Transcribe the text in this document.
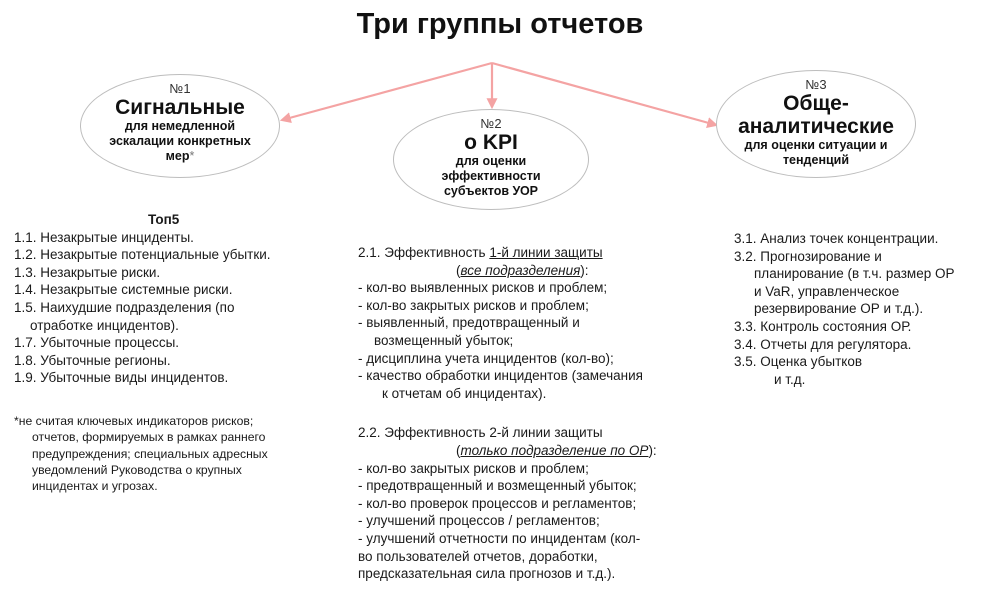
Три группы отчетов
№1
Сигнальные
для немедленной
эскалации конкретных
мер*
№2
о KPI
для оценки
эффективности
субъектов УОР
№3
Обще-
аналитические
для оценки ситуации и
тенденций
Топ5
1.1. Незакрытые инциденты.
1.2. Незакрытые потенциальные убытки.
1.3. Незакрытые риски.
1.4. Незакрытые системные риски.
1.5. Наихудшие подразделения (по
отработке инцидентов).
1.7. Убыточные процессы.
1.8. Убыточные регионы.
1.9. Убыточные виды инцидентов.
*не считая ключевых индикаторов рисков;
отчетов, формируемых в рамках раннего
предупреждения; специальных адресных
уведомлений Руководства о крупных
инцидентах и угрозах.
2.1. Эффективность 1-й линии защиты
(все подразделения):
- кол-во выявленных рисков и проблем;
- кол-во закрытых рисков и проблем;
- выявленный, предотвращенный и
возмещенный убыток;
- дисциплина учета инцидентов (кол-во);
- качество обработки инцидентов (замечания
к отчетам об инцидентах).
2.2. Эффективность 2-й линии защиты
(только подразделение по ОР):
- кол-во закрытых рисков и проблем;
- предотвращенный и возмещенный убыток;
- кол-во проверок процессов и регламентов;
- улучшений процессов / регламентов;
- улучшений отчетности по инцидентам (кол-
во пользователей отчетов, доработки,
предсказательная сила прогнозов и т.д.).
3.1. Анализ точек концентрации.
3.2. Прогнозирование и
планирование (в т.ч. размер ОР
и VaR, управленческое
резервирование ОР и т.д.).
3.3. Контроль состояния ОР.
3.4. Отчеты для регулятора.
3.5. Оценка убытков
и т.д.
